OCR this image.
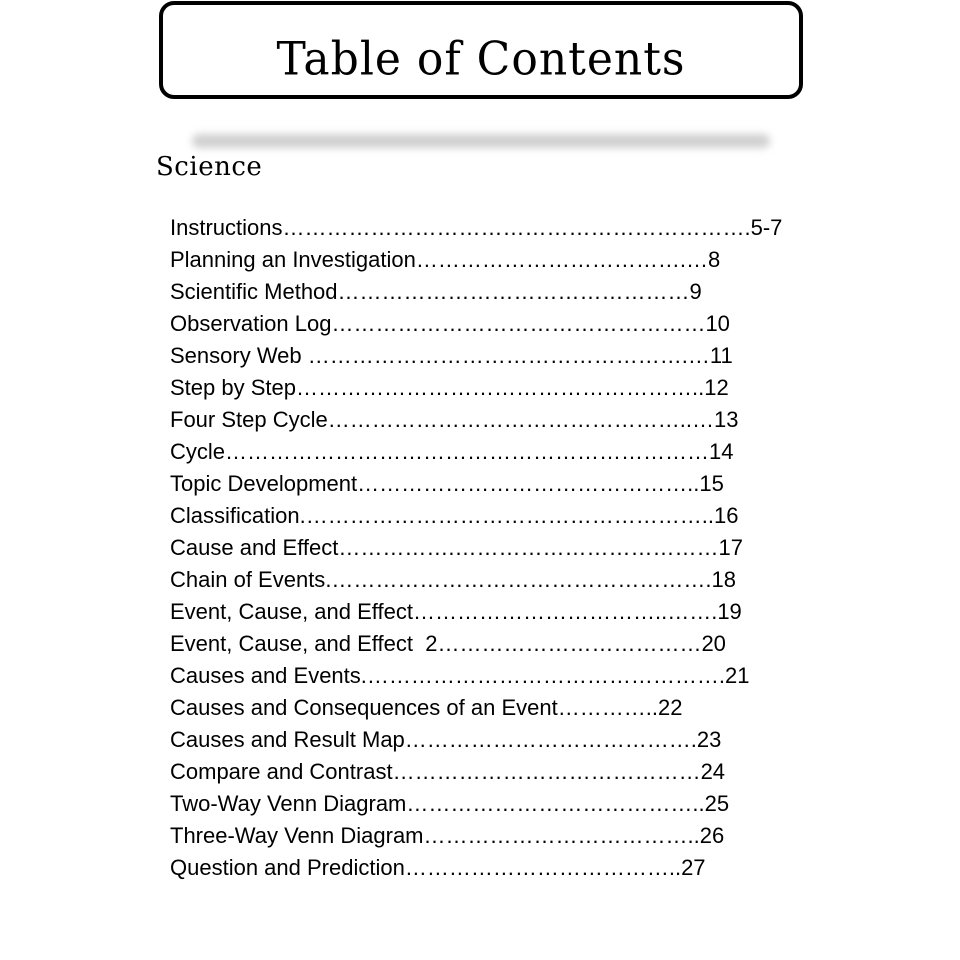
Table of Contents
Science
Instructions ………………………………………………………. 5-7
Planning an Investigation ……………………………….… 8
Scientific Method ………………………………………… 9
Observation Log …………………………………………… 10
Sensory Web …………………………………………….… 11
Step by Step ……………………………………………….. 12
Four Step Cycle …………………………………………..… 13
Cycle ………………………………………………………… 14
Topic Development ……………………………………….. 15
Classification .……………………………………………….. 16
Cause and Effect …………….……………………………… 17
Chain of Events .……………………………………………. 18
Event, Cause, and Effect ……………………………..……. 19
Event, Cause, and Effect  2 ……………………………… 20
Causes and Events .…………………………………………. 21
Causes and Consequences of an Event ………….. 22
Causes and Result Map …………………………………. 23
Compare and Contrast …………………………………… 24
Two-Way Venn Diagram ………………………………….. 25
Three-Way Venn Diagram ……………………………….. 26
Question and Prediction ……………………………….. 27
